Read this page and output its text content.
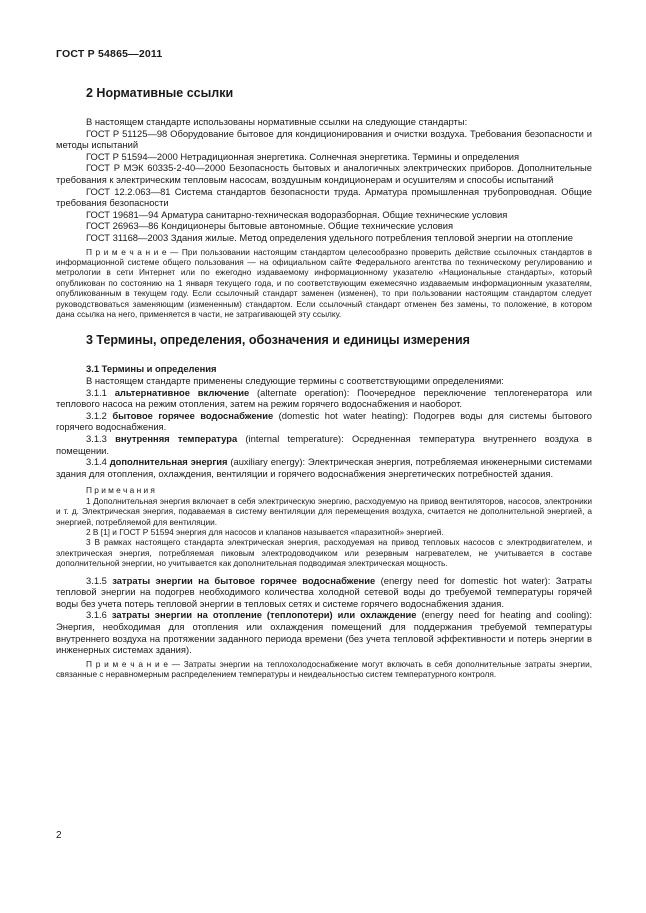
ГОСТ Р 54865—2011
2 Нормативные ссылки

В настоящем стандарте использованы нормативные ссылки на следующие стандарты:

ГОСТ Р 51125—98 Оборудование бытовое для кондиционирования и очистки воздуха. Требования безопасности и методы испытаний

ГОСТ Р 51594—2000 Нетрадиционная энергетика. Солнечная энергетика. Термины и определения

ГОСТ Р МЭК 60335-2-40—2000 Безопасность бытовых и аналогичных электрических приборов. Дополнительные требования к электрическим тепловым насосам, воздушным кондиционерам и осушителям и способы испытаний

ГОСТ 12.2.063—81 Система стандартов безопасности труда. Арматура промышленная трубопроводная. Общие требования безопасности

ГОСТ 19681—94 Арматура санитарно-техническая водоразборная. Общие технические условия

ГОСТ 26963—86 Кондиционеры бытовые автономные. Общие технические условия

ГОСТ 31168—2003 Здания жилые. Метод определения удельного потребления тепловой энергии на отопление

П р и м е ч а н и е — При пользовании настоящим стандартом целесообразно проверить действие ссылочных стандартов в информационной системе общего пользования — на официальном сайте Федерального агентства по техническому регулированию и метрологии в сети Интернет или по ежегодно издаваемому информационному указателю «Национальные стандарты», который опубликован по состоянию на 1 января текущего года, и по соответствующим ежемесячно издаваемым информационным указателям, опубликованным в текущем году. Если ссылочный стандарт заменен (изменен), то при пользовании настоящим стандартом следует руководствоваться заменяющим (измененным) стандартом. Если ссылочный стандарт отменен без замены, то положение, в котором дана ссылка на него, применяется в части, не затрагивающей эту ссылку.

3 Термины, определения, обозначения и единицы измерения
3.1 Термины и определения

В настоящем стандарте применены следующие термины с соответствующими определениями:

3.1.1 альтернативное включение (alternate operation): Поочередное переключение теплогенератора или теплового насоса на режим отопления, затем на режим горячего водоснабжения и наоборот.

3.1.2 бытовое горячее водоснабжение (domestic hot water heating): Подогрев воды для системы бытового горячего водоснабжения.

3.1.3 внутренняя температура (internal temperature): Осредненная температура внутреннего воздуха в помещении.

3.1.4 дополнительная энергия (auxiliary energy): Электрическая энергия, потребляемая инженерными системами здания для отопления, охлаждения, вентиляции и горячего водоснабжения энергетических потребностей здания.

П р и м е ч а н и я

1 Дополнительная энергия включает в себя электрическую энергию, расходуемую на привод вентиляторов, насосов, электроники и т. д. Электрическая энергия, подаваемая в систему вентиляции для перемещения воздуха, считается не дополнительной энергией, а энергией, потребляемой для вентиляции.

2 В [1] и ГОСТ Р 51594 энергия для насосов и клапанов называется «паразитной» энергией.

3 В рамках настоящего стандарта электрическая энергия, расходуемая на привод тепловых насосов с электродвигателем, и электрическая энергия, потребляемая пиковым электродоводчиком или резервным нагревателем, не учитывается в составе дополнительной энергии, но учитывается как дополнительная подводимая электрическая мощность.

3.1.5 затраты энергии на бытовое горячее водоснабжение (energy need for domestic hot water): Затраты тепловой энергии на подогрев необходимого количества холодной сетевой воды до требуемой температуры горячей воды без учета потерь тепловой энергии в тепловых сетях и системе горячего водоснабжения здания.

3.1.6 затраты энергии на отопление (теплопотери) или охлаждение (energy need for heating and cooling): Энергия, необходимая для отопления или охлаждения помещений для поддержания требуемой температуры внутреннего воздуха на протяжении заданного периода времени (без учета тепловой эффективности и потерь энергии в инженерных системах здания).

П р и м е ч а н и е — Затраты энергии на теплохолодоснабжение могут включать в себя дополнительные затраты энергии, связанные с неравномерным распределением температуры и неидеальностью систем температурного контроля.

2
